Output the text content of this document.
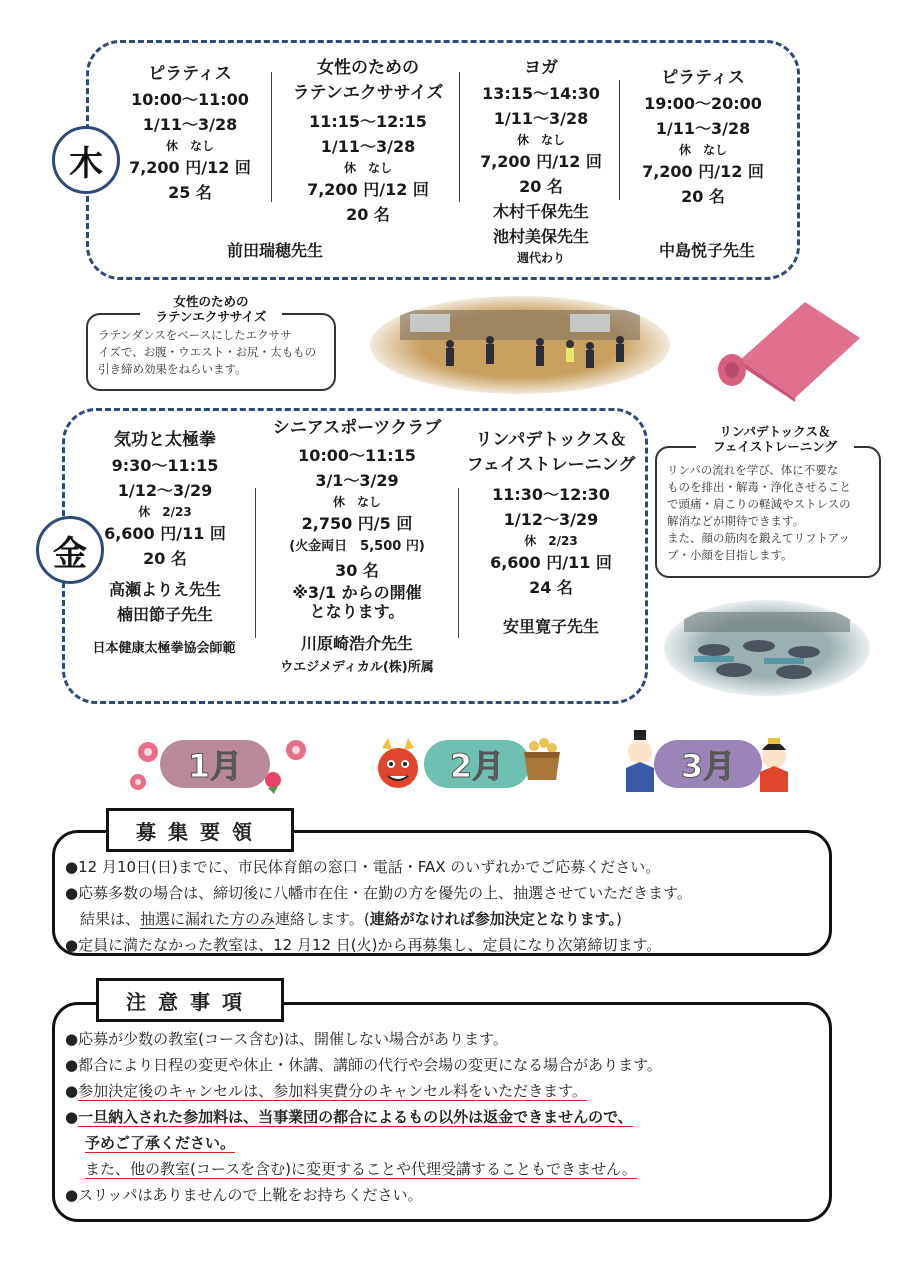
木
ピラティス
10:00～11:00
1/11～3/28
休　なし
7,200 円/12 回
25 名
前田瑞穂先生
女性のための
ラテンエクササイズ
11:15～12:15
1/11～3/28
休　なし
7,200 円/12 回
20 名
ヨガ
13:15～14:30
1/11～3/28
休　なし
7,200 円/12 回
20 名
木村千保先生
池村美保先生
週代わり
ピラティス
19:00～20:00
1/11～3/28
休　なし
7,200 円/12 回
20 名
中島悦子先生
ラテンダンスをベースにしたエクササ
イズで、お腹・ウエスト・お尻・太ももの
引き締め効果をねらいます。
女性のための
ラテンエクササイズ
金
気功と太極拳
9:30～11:15
1/12～3/29
休　2/23
6,600 円/11 回
20 名
高瀬よりえ先生
楠田節子先生
日本健康太極拳協会師範
シニアスポーツクラブ
10:00～11:15
3/1～3/29
休　なし
2,750 円/5 回
(火金両日　5,500 円)
30 名
※3/1 からの開催
となります。
川原崎浩介先生
ウエジメディカル(株)所属
リンパデトックス＆
フェイストレーニング
11:30～12:30
1/12～3/29
休　2/23
6,600 円/11 回
24 名
安里寛子先生
リンパの流れを学び、体に不要な
ものを排出・解毒・浄化させること
で頭痛・肩こりの軽減やストレスの
解消などが期待できます。
また、顔の筋肉を鍛えてリフトアッ
プ・小顔を目指します。
リンパデトックス＆
フェイストレーニング
1月	2月	3月
●12 月10日(日)までに、市民体育館の窓口・電話・FAX のいずれかでご応募ください。
●応募多数の場合は、締切後に八幡市在住・在勤の方を優先の上、抽選させていただきます。
　結果は、抽選に漏れた方のみ連絡します。(連絡がなければ参加決定となります。)
●定員に満たなかった教室は、12 月12 日(火)から再募集し、定員になり次第締切ます。
募集要領
●応募が少数の教室(コース含む)は、開催しない場合があります。
●都合により日程の変更や休止・休講、講師の代行や会場の変更になる場合があります。
●参加決定後のキャンセルは、参加料実費分のキャンセル料をいただきます。
●一旦納入された参加料は、当事業団の都合によるもの以外は返金できませんので、
予めご了承ください。
また、他の教室(コースを含む)に変更することや代理受講することもできません。
●スリッパはありませんので上靴をお持ちください。
注意事項
